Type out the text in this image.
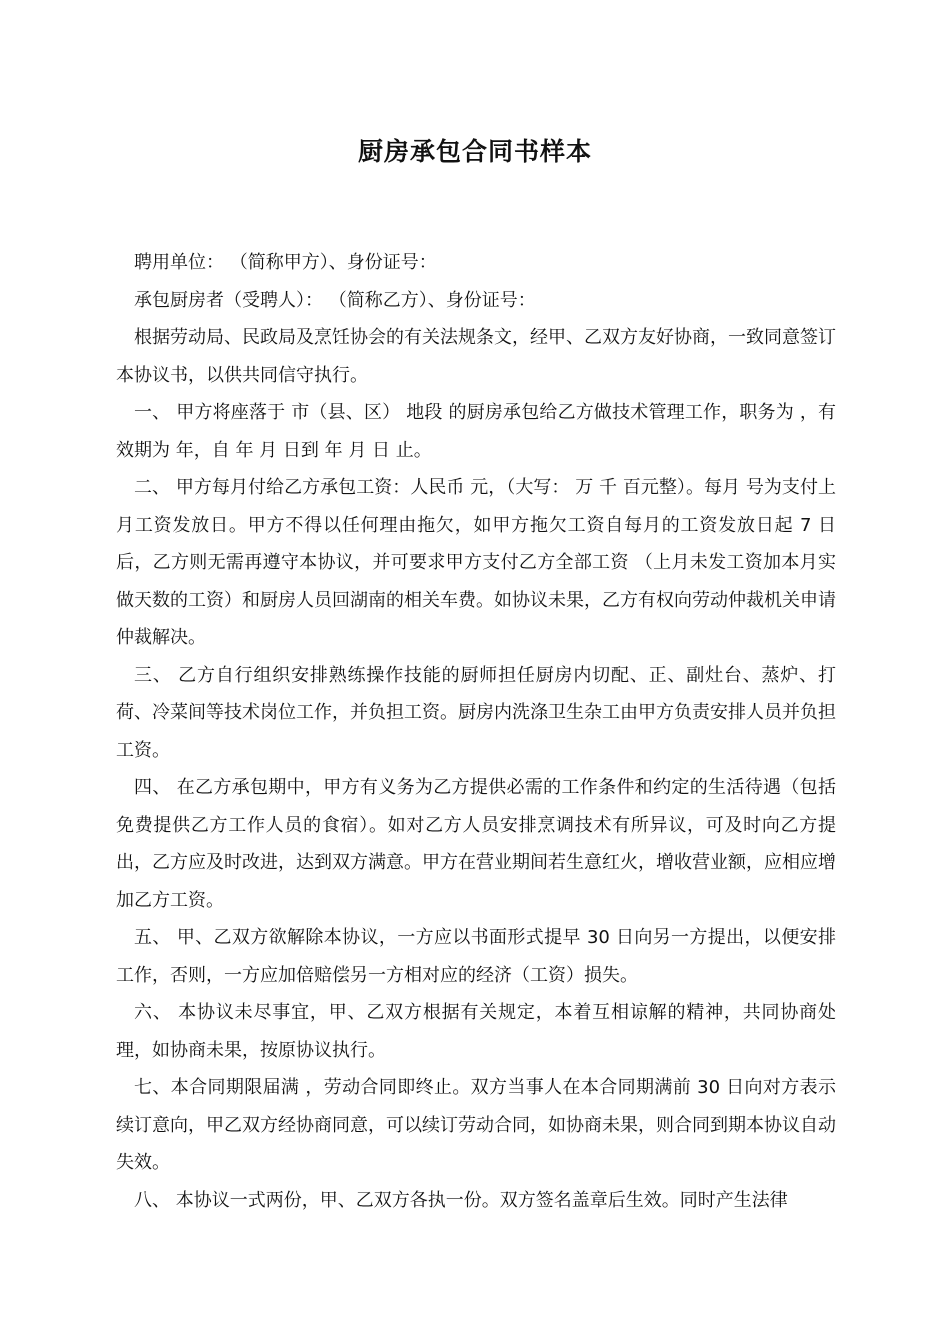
厨房承包合同书样本

聘用单位： （简称甲方）、身份证号：

承包厨房者（受聘人）： （简称乙方）、身份证号：

根据劳动局、民政局及烹饪协会的有关法规条文，经甲、乙双方友好协商，一致同意签订本协议书，以供共同信守执行。

一、 甲方将座落于 市（县、区） 地段 的厨房承包给乙方做技术管理工作，职务为 ，有效期为 年，自 年 月 日到 年 月 日 止。

二、 甲方每月付给乙方承包工资：人民币 元，（大写： 万 千 百元整）。每月 号为支付上月工资发放日。甲方不得以任何理由拖欠，如甲方拖欠工资自每月的工资发放日起 7 日后，乙方则无需再遵守本协议，并可要求甲方支付乙方全部工资 （上月未发工资加本月实做天数的工资）和厨房人员回湖南的相关车费。如协议未果，乙方有权向劳动仲裁机关申请仲裁解决。

三、 乙方自行组织安排熟练操作技能的厨师担任厨房内切配、正、副灶台、蒸炉、打荷、冷菜间等技术岗位工作，并负担工资。厨房内洗涤卫生杂工由甲方负责安排人员并负担工资。

四、 在乙方承包期中，甲方有义务为乙方提供必需的工作条件和约定的生活待遇（包括免费提供乙方工作人员的食宿）。如对乙方人员安排烹调技术有所异议，可及时向乙方提出，乙方应及时改进，达到双方满意。甲方在营业期间若生意红火，增收营业额，应相应增加乙方工资。

五、 甲、乙双方欲解除本协议，一方应以书面形式提早 30 日向另一方提出，以便安排工作，否则，一方应加倍赔偿另一方相对应的经济（工资）损失。

六、 本协议未尽事宜，甲、乙双方根据有关规定，本着互相谅解的精神，共同协商处理，如协商未果，按原协议执行。

七、本合同期限届满 ，劳动合同即终止。双方当事人在本合同期满前 30 日向对方表示续订意向，甲乙双方经协商同意，可以续订劳动合同，如协商未果，则合同到期本协议自动失效。

八、 本协议一式两份，甲、乙双方各执一份。双方签名盖章后生效。同时产生法律
